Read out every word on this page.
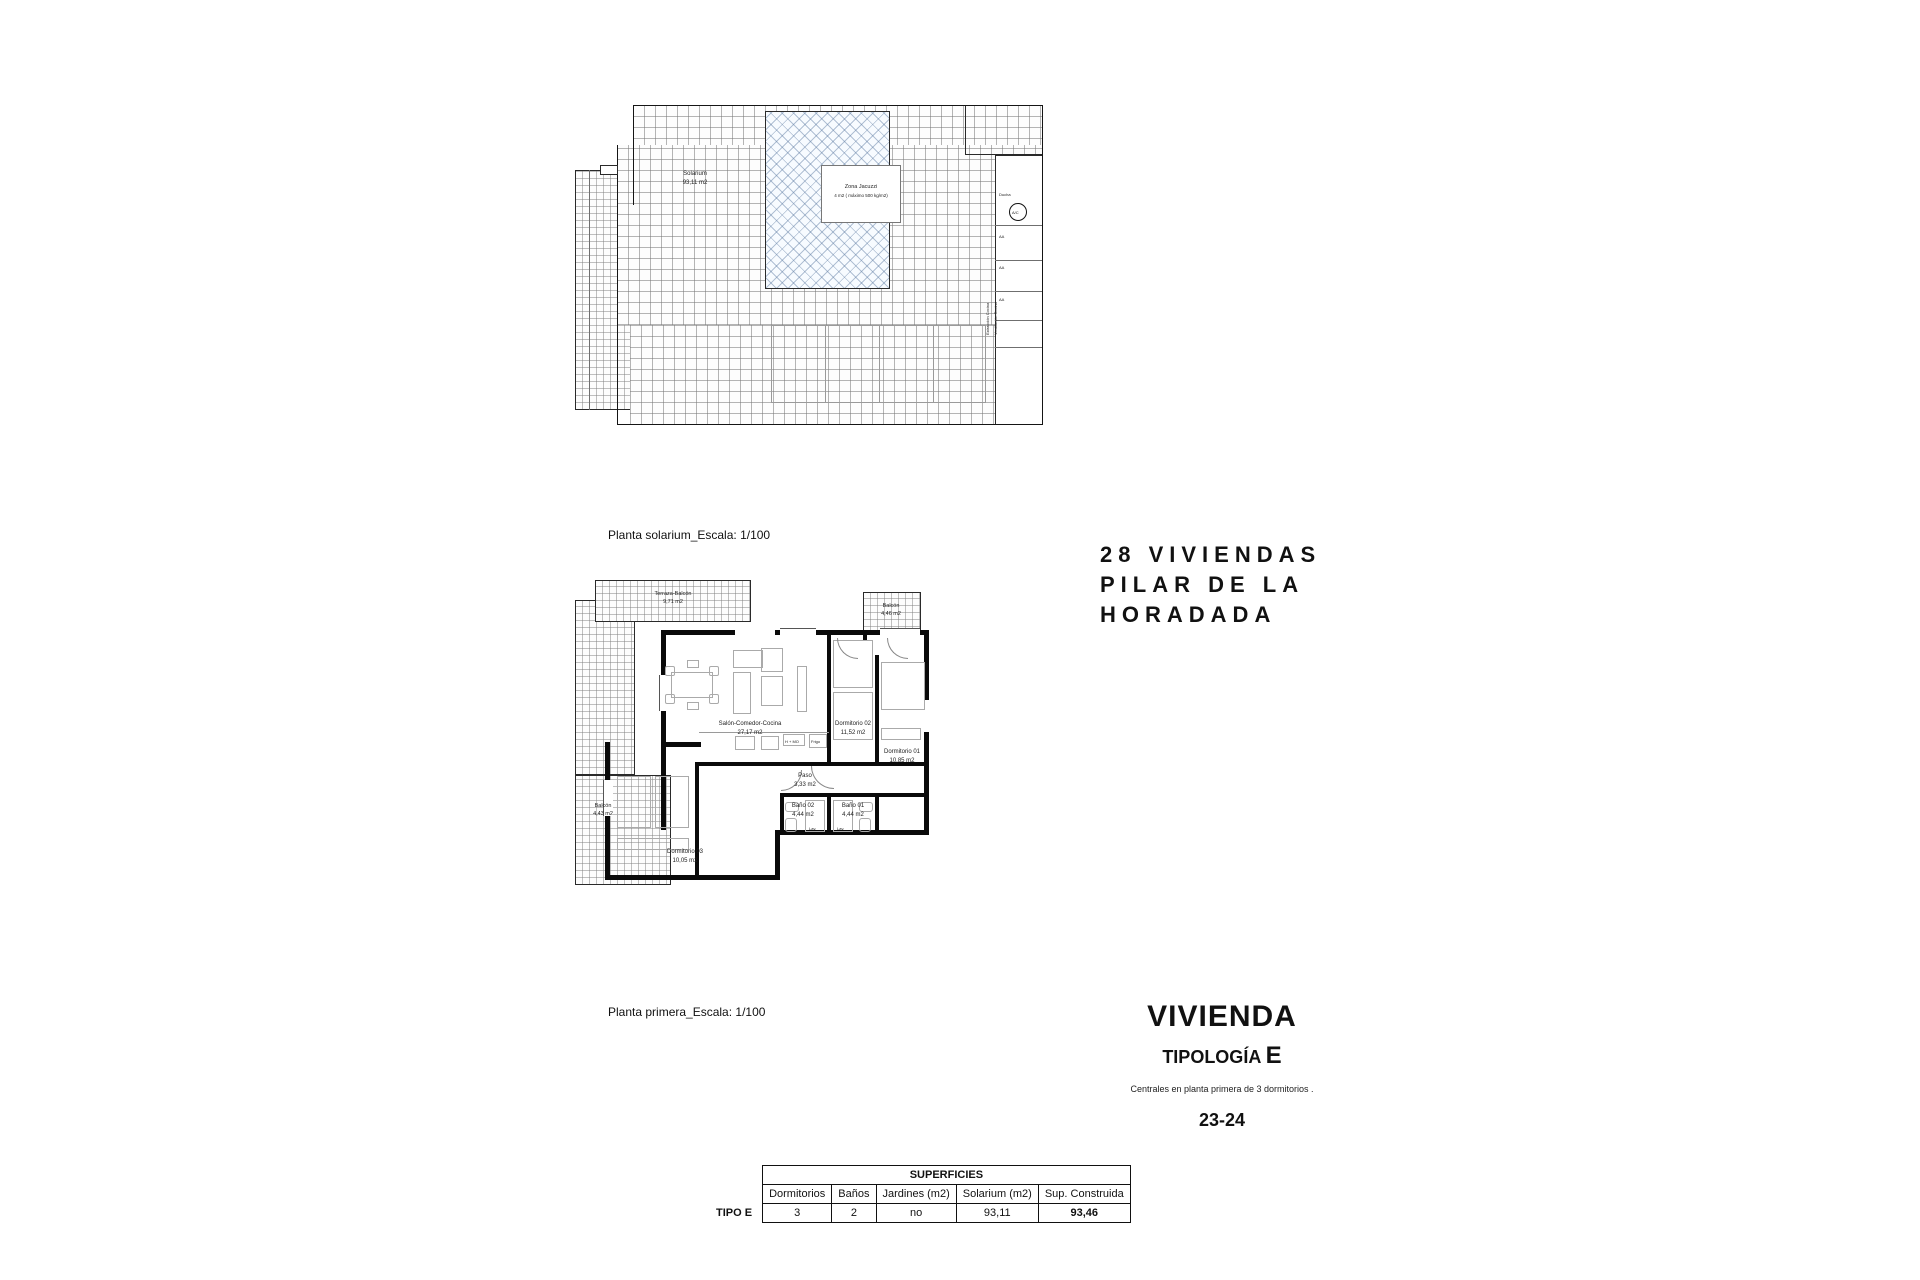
Zona Jacuzzi
4 m2 ( máximo 500 kg/m2)
A/C
Ducha
AA
AA
AA
Extracción Cocina Ventilación Cocina
Solarium
93,11 m2
Planta solarium_Escala: 1/100
28 VIVIENDAS
PILAR DE LA
HORADADA
H + MO	Frigo
Lav.	Lav.
Salón-Comedor-Cocina
27,17 m2
Dormitorio 02
11,52 m2
Dormitorio 01
10,85 m2
Dormitorio 03
10,05 m2
Paso
3,33 m2
Baño 02
4,44 m2
Baño 01
4,44 m2
Terraza-Balcón
9,71 m2
Balcón
4,43 m2
Balcón
4,46 m2
Planta primera_Escala: 1/100	VIVIENDA
TIPOLOGÍA E
Centrales en planta primera de 3 dormitorios .
23-24
	SUPERFICIES				
	Dormitorios	Baños	Jardines (m2)	Solarium (m2)	Sup. Construida
TIPO E	3	2	no	93,11	93,46
